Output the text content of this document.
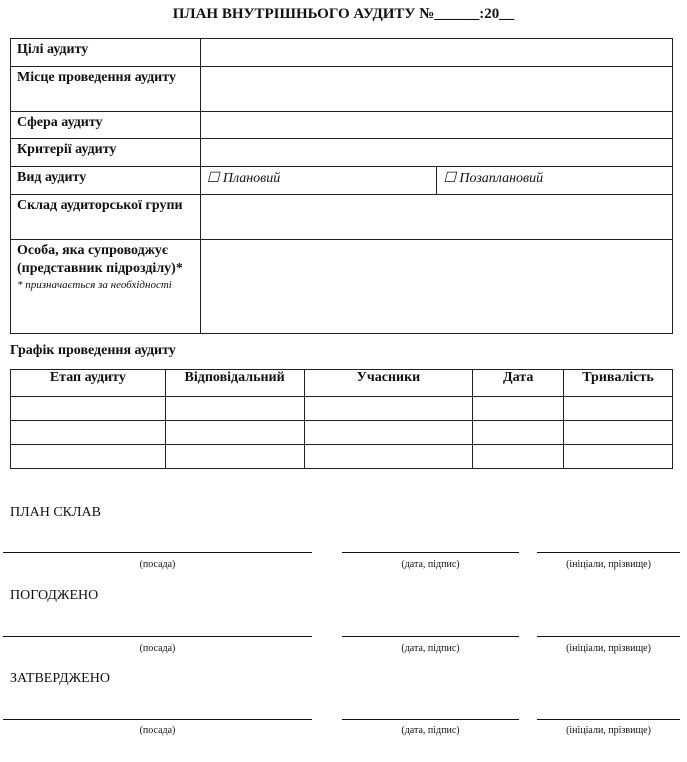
ПЛАН ВНУТРІШНЬОГО АУДИТУ №______:20__
Цілі аудиту		
Місце проведення аудиту		
Сфера аудиту		
Критерії аудиту		
Вид аудиту	☐ Плановий	☐ Позаплановий
Склад аудиторської групи		

Особа, яка супроводжує (представник підрозділу)*
* призначається за необхідності		

Графік проведення аудиту
Етап аудиту	Відповідальний	Учасники	Дата	Тривалість

ПЛАН СКЛАВ
(посада)	(дата, підпис)	(ініціали, прізвище)
ПОГОДЖЕНО
(посада)	(дата, підпис)	(ініціали, прізвище)
ЗАТВЕРДЖЕНО
(посада)	(дата, підпис)	(ініціали, прізвище)
